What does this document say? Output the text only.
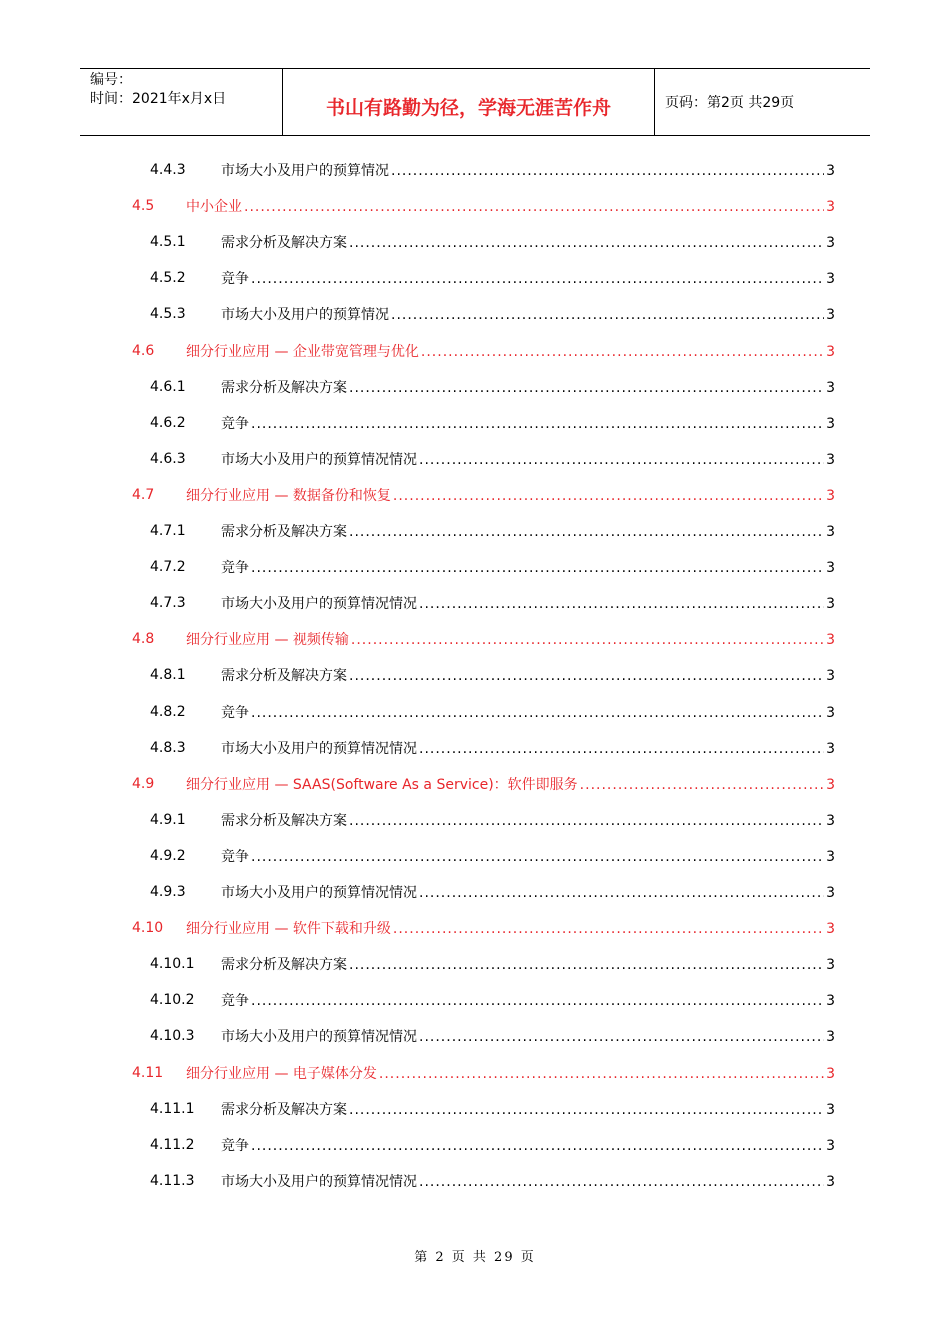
编号：
时间：2021年x月x日	书山有路勤为径，学海无涯苦作舟	页码：第2页 共29页
4.4.3	市场大小及用户的预算情况 .....	3
4.5 中小企业 .....	3
4.5.1	需求分析及解决方案 .....	3
4.5.2	竞争 .....	3
4.5.3	市场大小及用户的预算情况 .....	3
4.6 细分行业应用 — 企业带宽管理与优化 .....	3
4.6.1	需求分析及解决方案 .....	3
4.6.2	竞争 .....	3
4.6.3	市场大小及用户的预算情况情况 .....	3
4.7 细分行业应用 — 数据备份和恢复 .....	3
4.7.1	需求分析及解决方案 .....	3
4.7.2	竞争 .....	3
4.7.3	市场大小及用户的预算情况情况 .....	3
4.8 细分行业应用 — 视频传输 .....	3
4.8.1	需求分析及解决方案 .....	3
4.8.2	竞争 .....	3
4.8.3	市场大小及用户的预算情况情况 .....	3
4.9 细分行业应用 — SAAS(Software As a Service)：软件即服务 .....	3
4.9.1	需求分析及解决方案 .....	3
4.9.2	竞争 .....	3
4.9.3	市场大小及用户的预算情况情况 .....	3
4.10 细分行业应用 — 软件下载和升级 .....	3
4.10.1 需求分析及解决方案 .....	3
4.10.2 竞争 .....	3
4.10.3 市场大小及用户的预算情况情况 .....	3
4.11 细分行业应用 — 电子媒体分发 .....	3
4.11.1 需求分析及解决方案 .....	3
4.11.2 竞争 .....	3
4.11.3 市场大小及用户的预算情况情况 .....	3
第 2 页 共 29 页
